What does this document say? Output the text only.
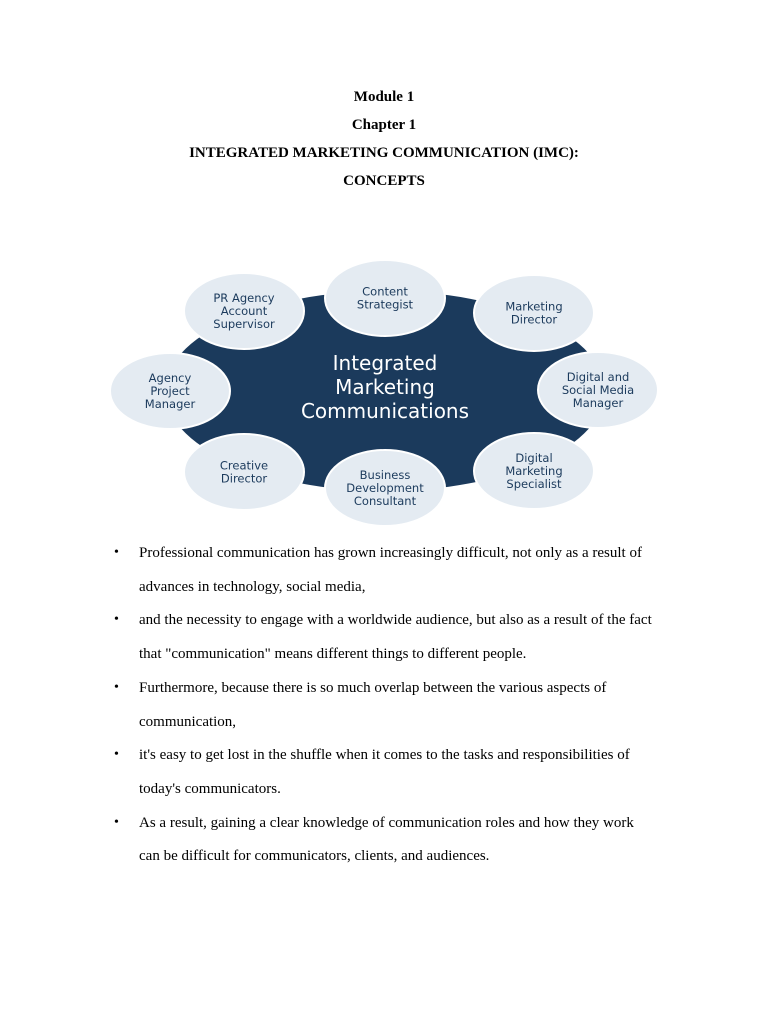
Module 1
Chapter 1
INTEGRATED MARKETING COMMUNICATION (IMC):
CONCEPTS
Integrated
Marketing
Communications
Content
Strategist	Marketing
Director
Digital and
Social Media
Manager
Digital
Marketing
Specialist
Business
Development
Consultant
Creative
Director
Agency
Project
Manager
PR Agency
Account
Supervisor
• Professional communication has grown increasingly difficult, not only as a result of
advances in technology, social media,
• and the necessity to engage with a worldwide audience, but also as a result of the fact
that "communication" means different things to different people.
• Furthermore, because there is so much overlap between the various aspects of
communication,
• it's easy to get lost in the shuffle when it comes to the tasks and responsibilities of
today's communicators.
• As a result, gaining a clear knowledge of communication roles and how they work
can be difficult for communicators, clients, and audiences.
